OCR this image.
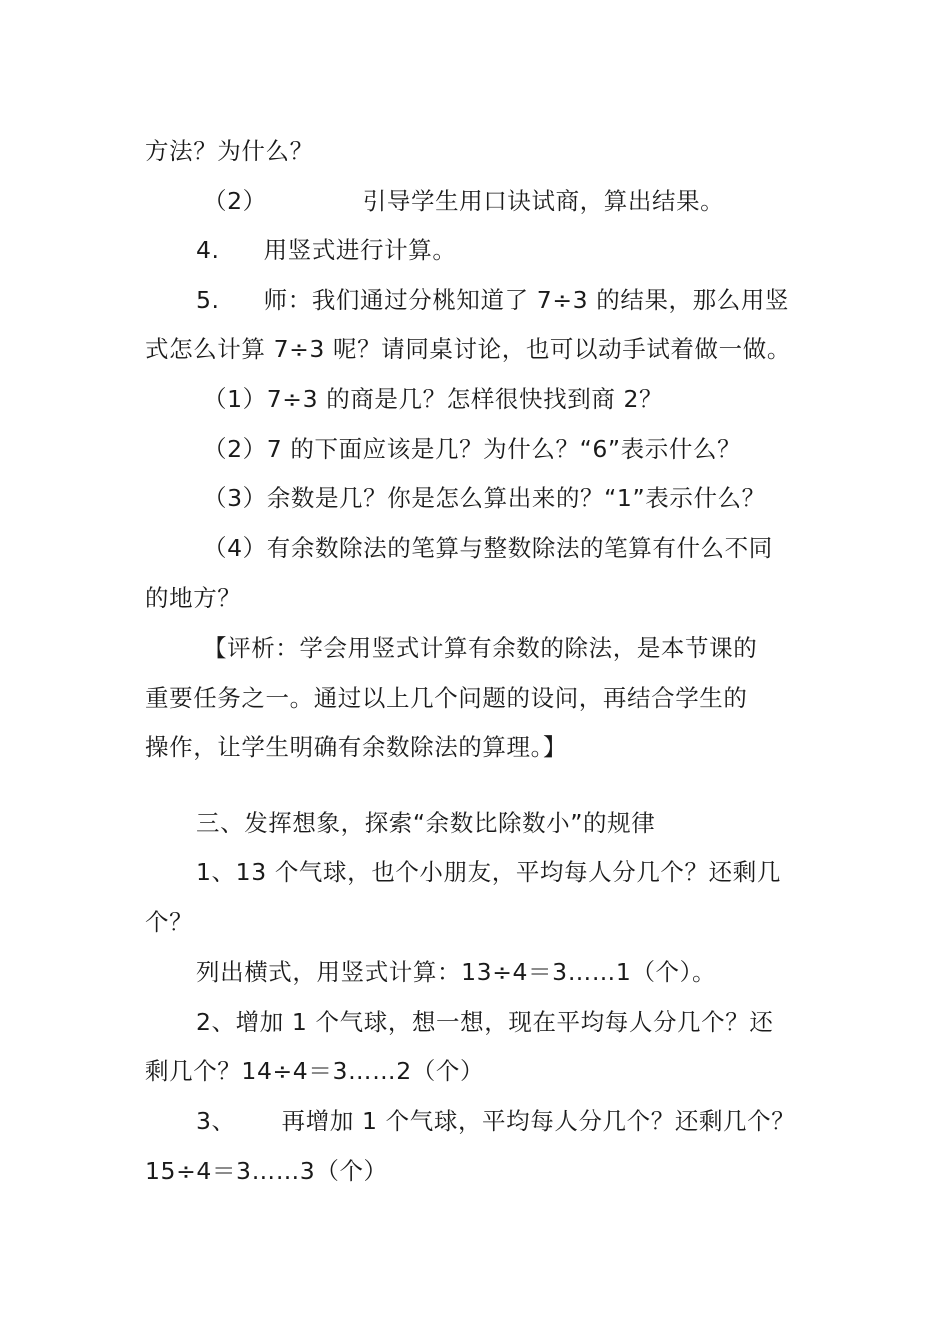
方法？为什么？
（2）	引导学生用口诀试商，算出结果。
4. 用竖式进行计算。
5. 师：我们通过分桃知道了 7÷3 的结果，那么用竖
式怎么计算 7÷3 呢？请同桌讨论，也可以动手试着做一做。
（1）7÷3 的商是几？怎样很快找到商 2？
（2）7 的下面应该是几？为什么？“6”表示什么？
（3）余数是几？你是怎么算出来的？“1”表示什么？
（4）有余数除法的笔算与整数除法的笔算有什么不同
的地方？
【评析：学会用竖式计算有余数的除法，是本节课的
重要任务之一。通过以上几个问题的设问，再结合学生的
操作，让学生明确有余数除法的算理。】
三、发挥想象，探索“余数比除数小”的规律
1、13 个气球，也个小朋友，平均每人分几个？还剩几
个？
列出横式，用竖式计算：13÷4＝3……1（个）。
2、增加 1 个气球，想一想，现在平均每人分几个？还
剩几个？14÷4＝3……2（个）
3、 再增加 1 个气球，平均每人分几个？还剩几个？
15÷4＝3……3（个）
